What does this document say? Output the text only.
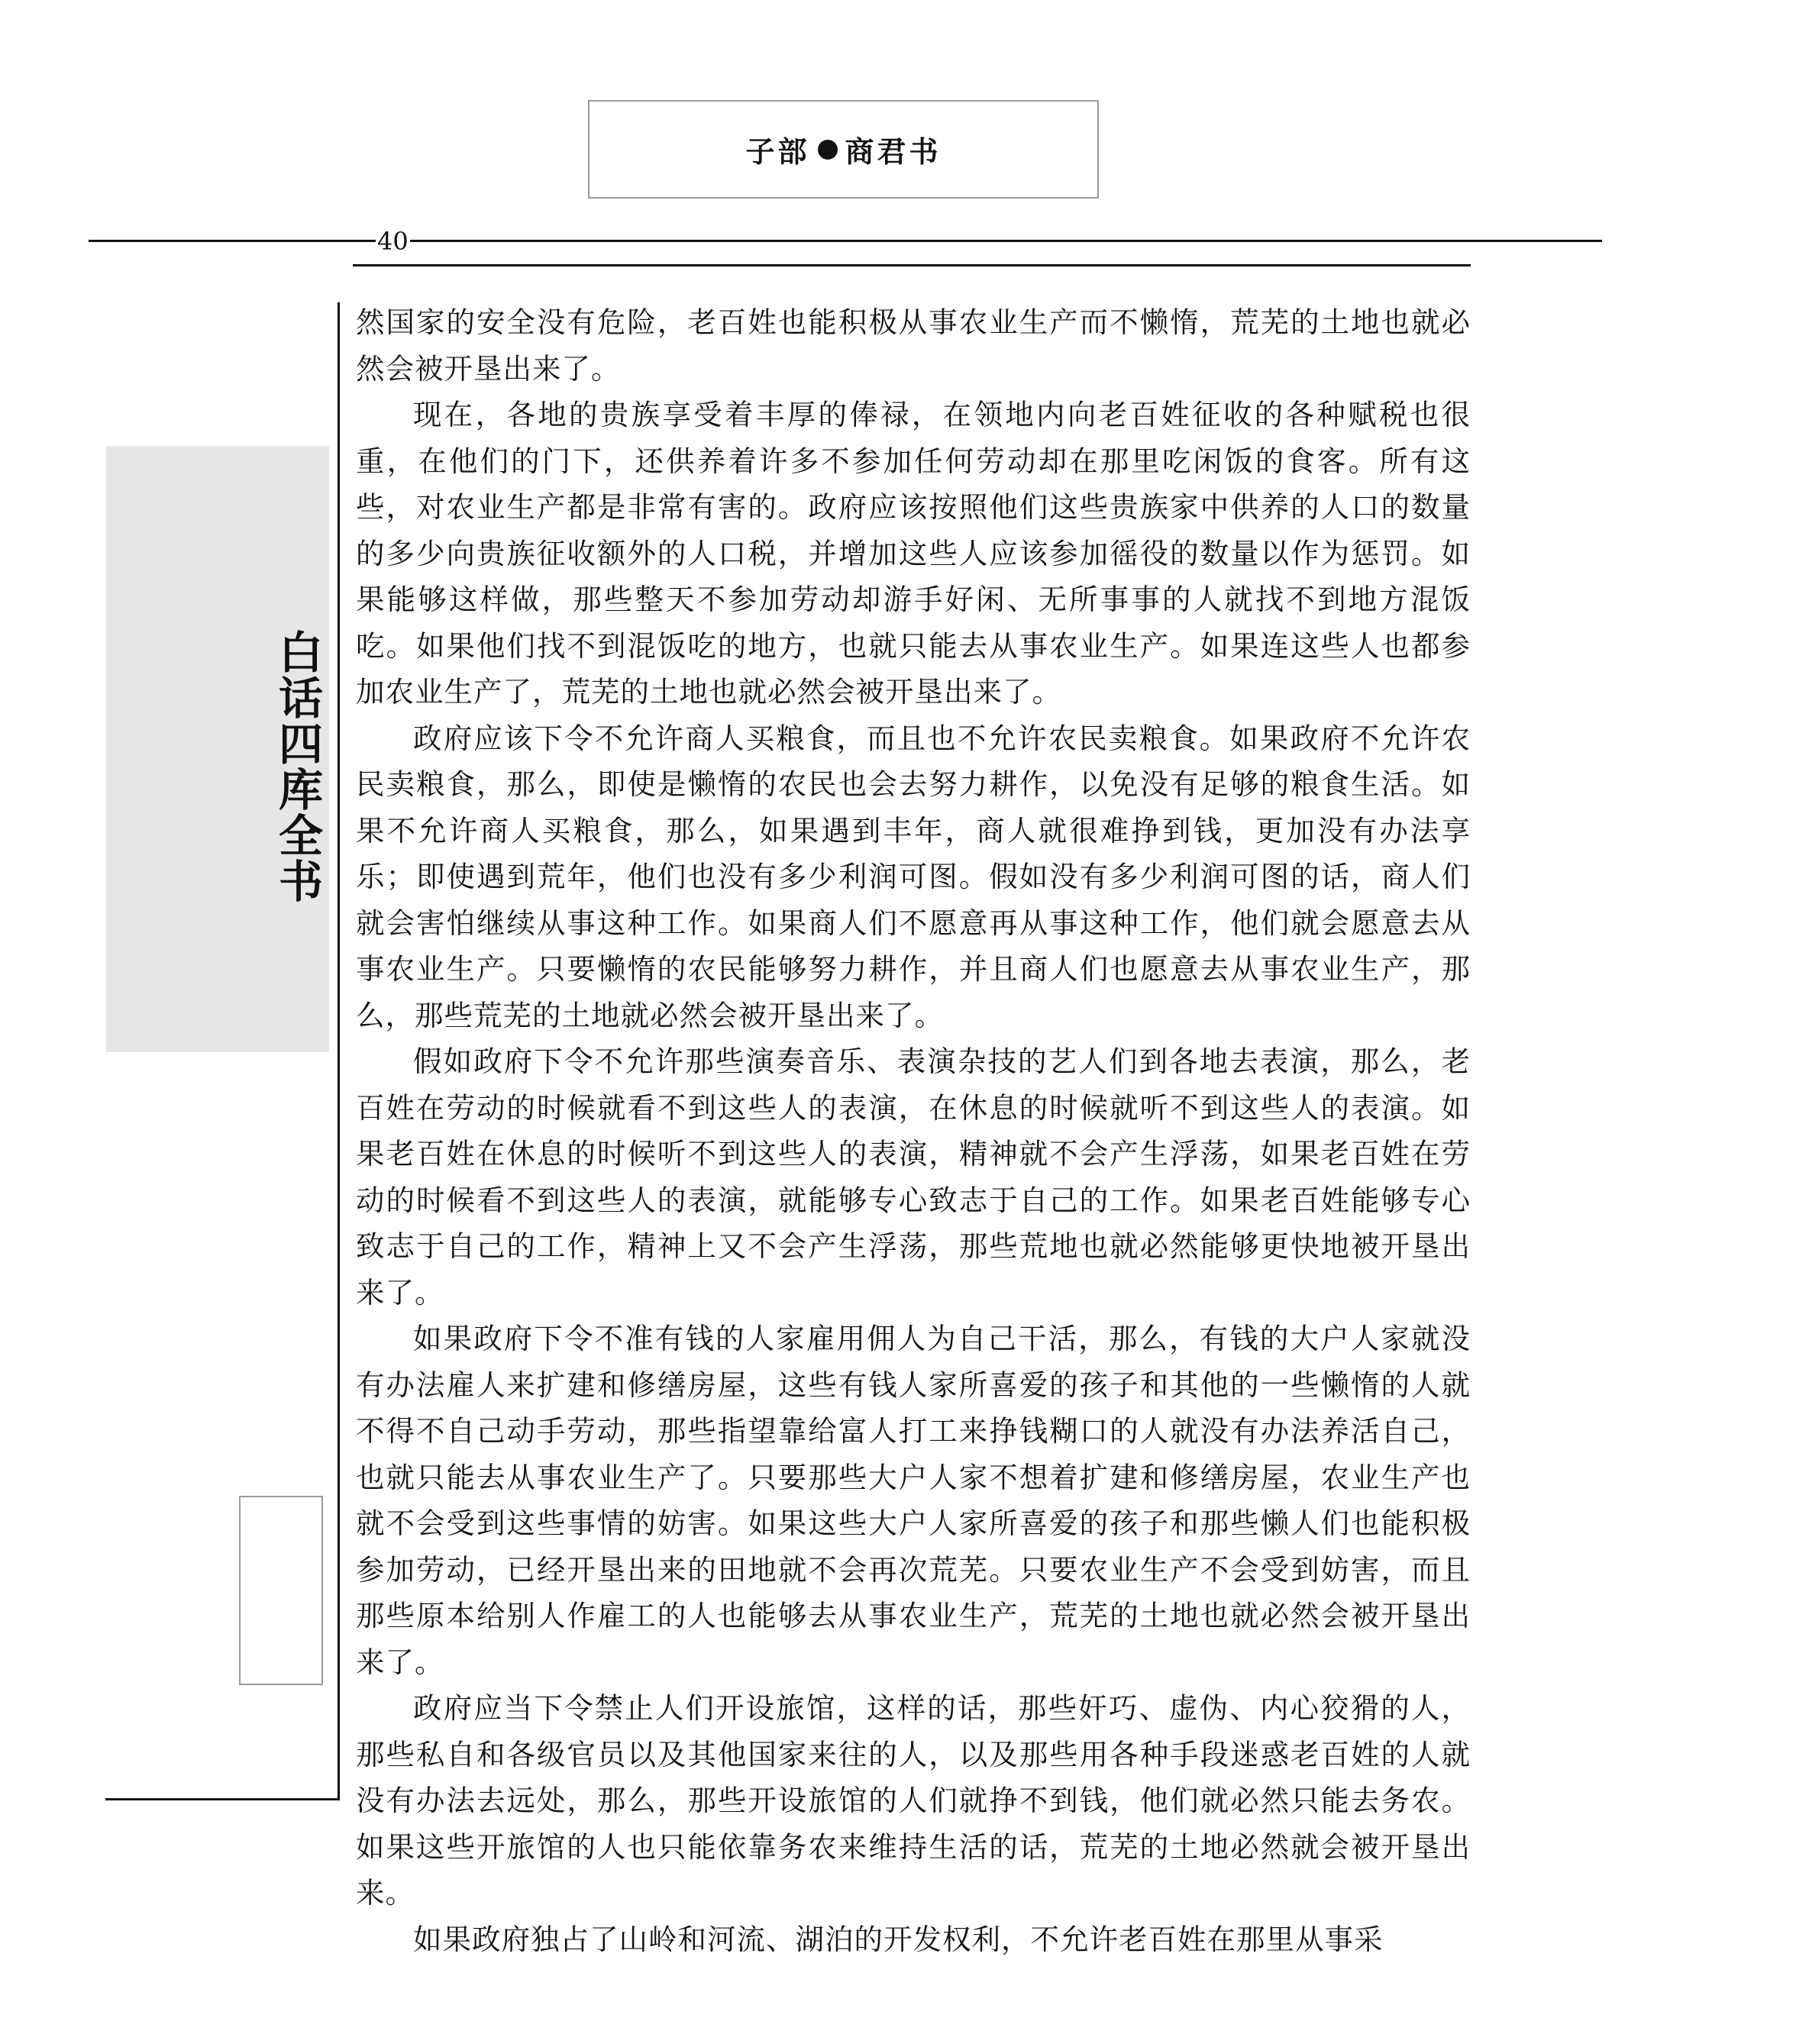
子部 商君书
40
白话四库全书

然国家的安全没有危险，老百姓也能积极从事农业生产而不懒惰，荒芜的土地也就必然会被开垦出来了。

现在，各地的贵族享受着丰厚的俸禄，在领地内向老百姓征收的各种赋税也很重，在他们的门下，还供养着许多不参加任何劳动却在那里吃闲饭的食客。所有这些，对农业生产都是非常有害的。政府应该按照他们这些贵族家中供养的人口的数量的多少向贵族征收额外的人口税，并增加这些人应该参加徭役的数量以作为惩罚。如果能够这样做，那些整天不参加劳动却游手好闲、无所事事的人就找不到地方混饭吃。如果他们找不到混饭吃的地方，也就只能去从事农业生产。如果连这些人也都参加农业生产了，荒芜的土地也就必然会被开垦出来了。

政府应该下令不允许商人买粮食，而且也不允许农民卖粮食。如果政府不允许农民卖粮食，那么，即使是懒惰的农民也会去努力耕作，以免没有足够的粮食生活。如果不允许商人买粮食，那么，如果遇到丰年，商人就很难挣到钱，更加没有办法享乐；即使遇到荒年，他们也没有多少利润可图。假如没有多少利润可图的话，商人们就会害怕继续从事这种工作。如果商人们不愿意再从事这种工作，他们就会愿意去从事农业生产。只要懒惰的农民能够努力耕作，并且商人们也愿意去从事农业生产，那么，那些荒芜的土地就必然会被开垦出来了。

假如政府下令不允许那些演奏音乐、表演杂技的艺人们到各地去表演，那么，老百姓在劳动的时候就看不到这些人的表演，在休息的时候就听不到这些人的表演。如果老百姓在休息的时候听不到这些人的表演，精神就不会产生浮荡，如果老百姓在劳动的时候看不到这些人的表演，就能够专心致志于自己的工作。如果老百姓能够专心致志于自己的工作，精神上又不会产生浮荡，那些荒地也就必然能够更快地被开垦出来了。

如果政府下令不准有钱的人家雇用佣人为自己干活，那么，有钱的大户人家就没有办法雇人来扩建和修缮房屋，这些有钱人家所喜爱的孩子和其他的一些懒惰的人就不得不自己动手劳动，那些指望靠给富人打工来挣钱糊口的人就没有办法养活自己，也就只能去从事农业生产了。只要那些大户人家不想着扩建和修缮房屋，农业生产也就不会受到这些事情的妨害。如果这些大户人家所喜爱的孩子和那些懒人们也能积极参加劳动，已经开垦出来的田地就不会再次荒芜。只要农业生产不会受到妨害，而且那些原本给别人作雇工的人也能够去从事农业生产，荒芜的土地也就必然会被开垦出来了。

政府应当下令禁止人们开设旅馆，这样的话，那些奸巧、虚伪、内心狡猾的人，那些私自和各级官员以及其他国家来往的人，以及那些用各种手段迷惑老百姓的人就没有办法去远处，那么，那些开设旅馆的人们就挣不到钱，他们就必然只能去务农。如果这些开旅馆的人也只能依靠务农来维持生活的话，荒芜的土地必然就会被开垦出来。

如果政府独占了山岭和河流、湖泊的开发权利，不允许老百姓在那里从事采
